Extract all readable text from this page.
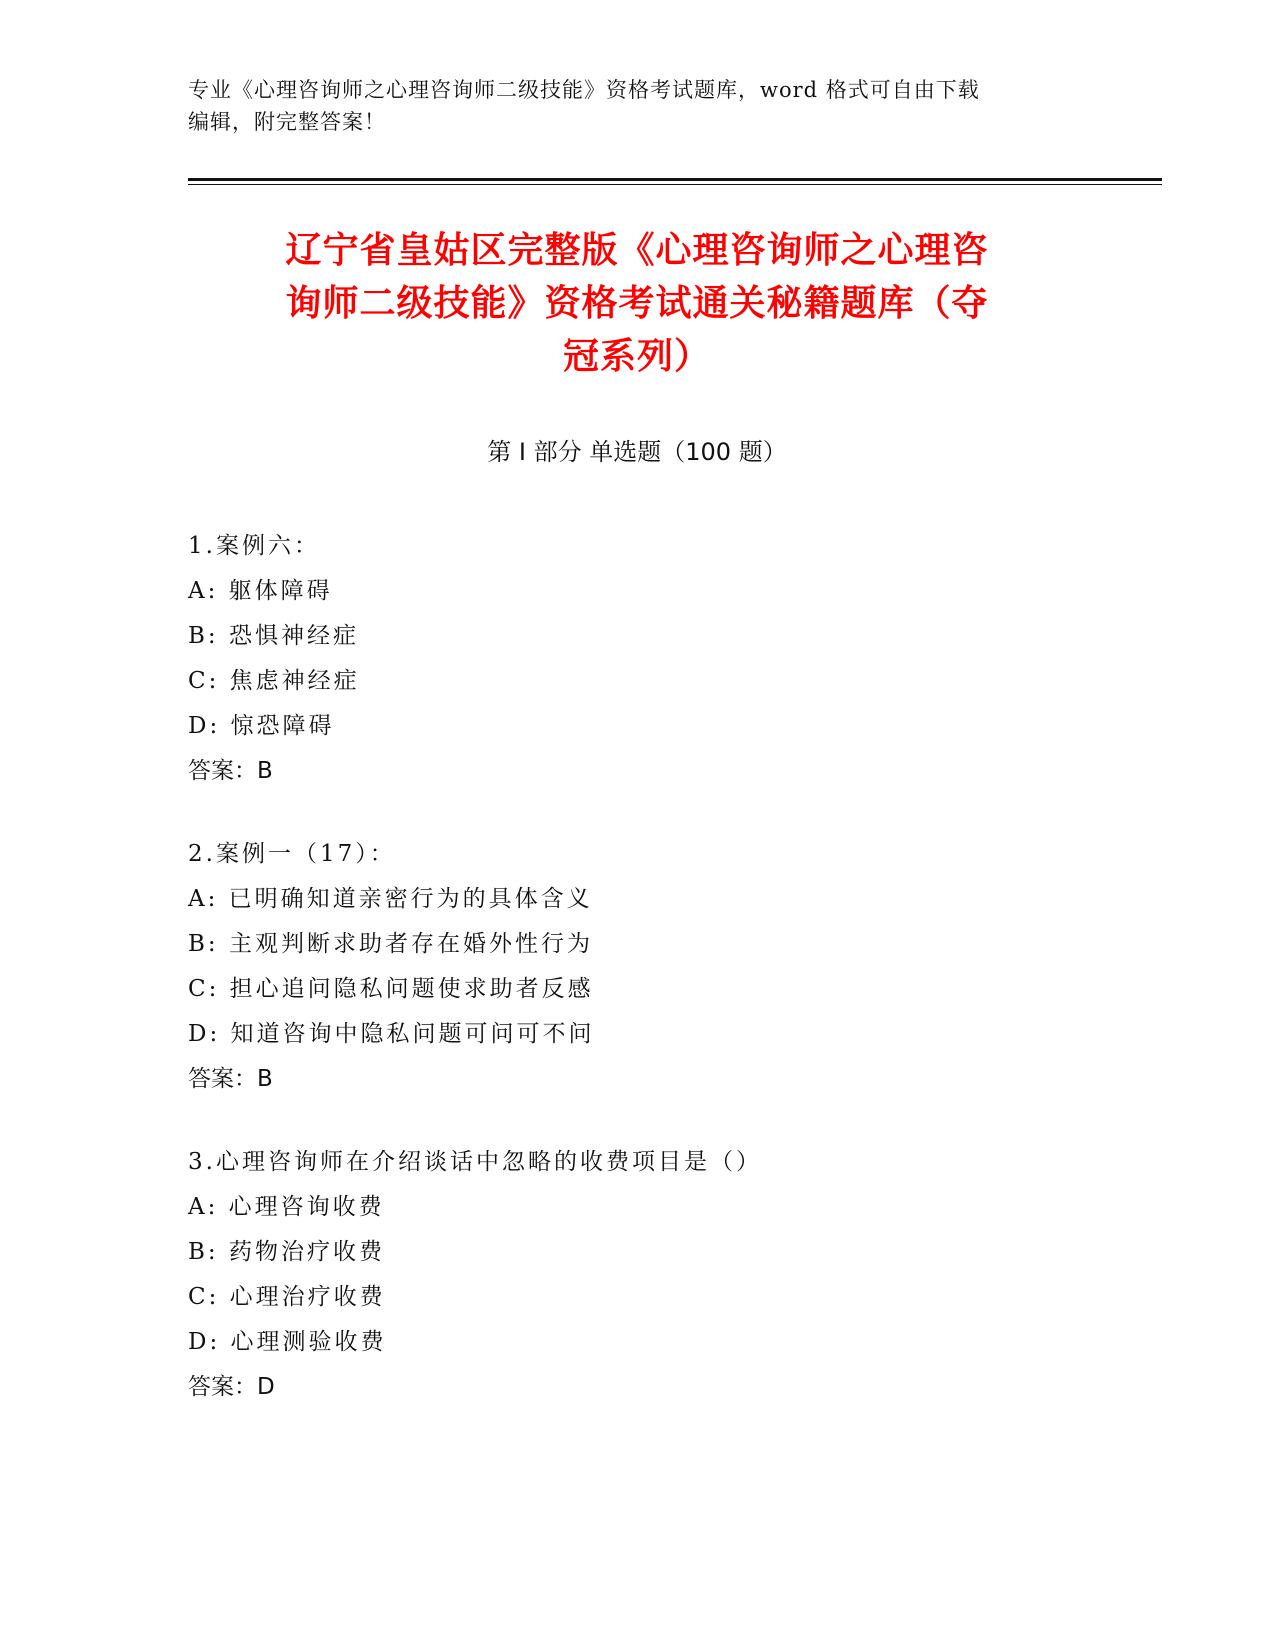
专业《心理咨询师之心理咨询师二级技能》资格考试题库，word 格式可自由下载
编辑，附完整答案！
辽宁省皇姑区完整版《心理咨询师之心理咨
询师二级技能》资格考试通关秘籍题库（夺
冠系列）
第 I 部分 单选题（100 题）
1.案例六：
A: 躯体障碍
B: 恐惧神经症
C: 焦虑神经症
D: 惊恐障碍
答案：B
2.案例一（17）：
A: 已明确知道亲密行为的具体含义
B: 主观判断求助者存在婚外性行为
C: 担心追问隐私问题使求助者反感
D: 知道咨询中隐私问题可问可不问
答案：B
3.心理咨询师在介绍谈话中忽略的收费项目是（）
A: 心理咨询收费
B: 药物治疗收费
C: 心理治疗收费
D: 心理测验收费
答案：D
